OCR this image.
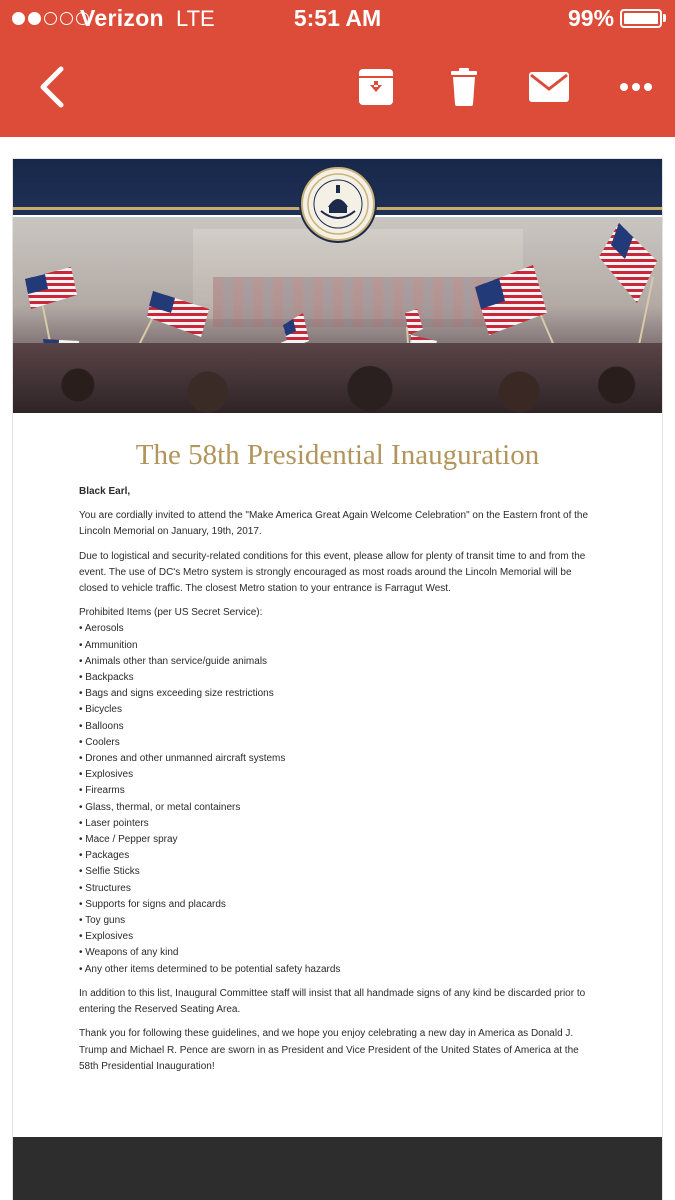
Verizon LTE	5:51 AM	99%
The 58th Presidential Inauguration

Black Earl,

You are cordially invited to attend the "Make America Great Again Welcome Celebration" on the Eastern front of the Lincoln Memorial on January, 19th, 2017.

Due to logistical and security-related conditions for this event, please allow for plenty of transit time to and from the event. The use of DC's Metro system is strongly encouraged as most roads around the Lincoln Memorial will be closed to vehicle traffic. The closest Metro station to your entrance is Farragut West.

Prohibited Items (per US Secret Service):
• Aerosols
• Ammunition
• Animals other than service/guide animals
• Backpacks
• Bags and signs exceeding size restrictions
• Bicycles
• Balloons
• Coolers
• Drones and other unmanned aircraft systems
• Explosives
• Firearms
• Glass, thermal, or metal containers
• Laser pointers
• Mace / Pepper spray
• Packages
• Selfie Sticks
• Structures
• Supports for signs and placards
• Toy guns
• Explosives
• Weapons of any kind
• Any other items determined to be potential safety hazards

In addition to this list, Inaugural Committee staff will insist that all handmade signs of any kind be discarded prior to entering the Reserved Seating Area.

Thank you for following these guidelines, and we hope you enjoy celebrating a new day in America as Donald J. Trump and Michael R. Pence are sworn in as President and Vice President of the United States of America at the 58th Presidential Inauguration!
